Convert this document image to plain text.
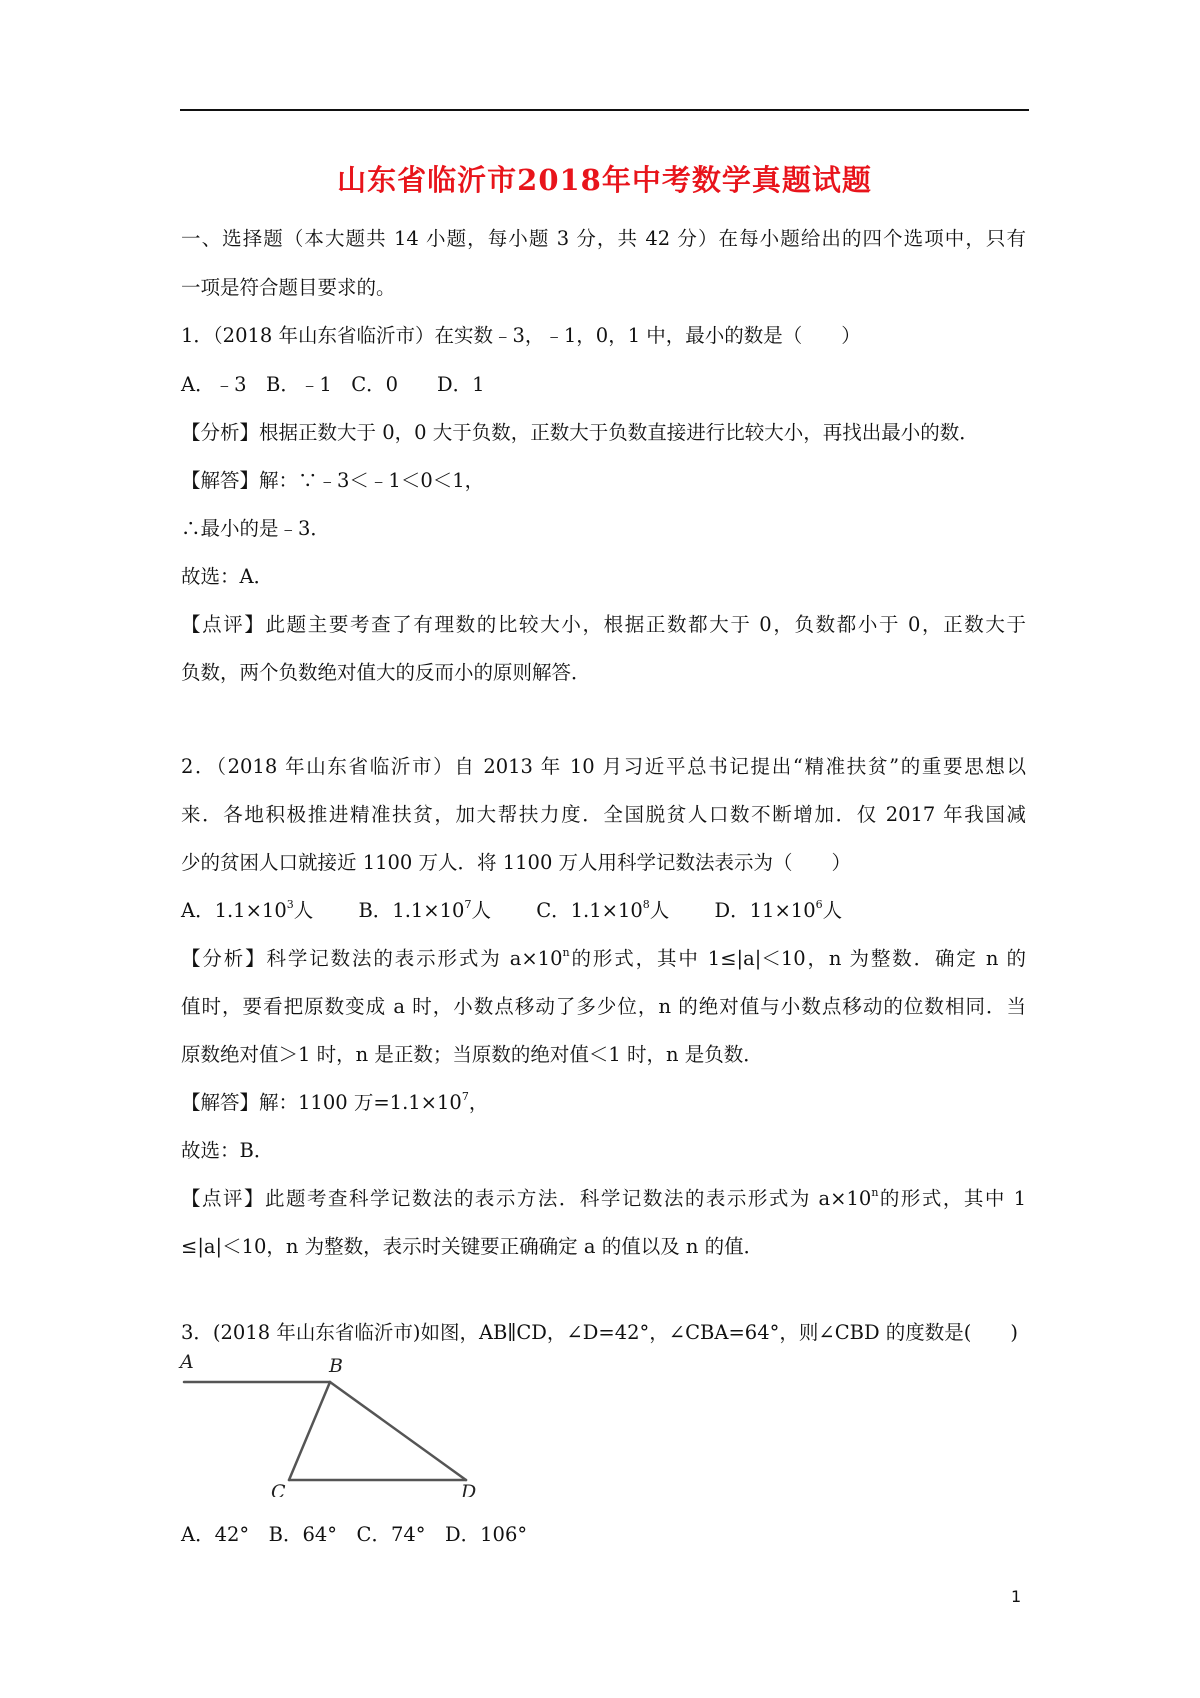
山东省临沂市2018年中考数学真题试题
一、选择题（本大题共 14 小题，每小题 3 分，共 42 分）在每小题给出的四个选项中，只有
一项是符合题目要求的。
1．（2018 年山东省临沂市）在实数﹣3，﹣1，0，1 中，最小的数是（　　）
A．﹣3　B．﹣1　C．0　　D．1
【分析】根据正数大于 0，0 大于负数，正数大于负数直接进行比较大小，再找出最小的数．
【解答】解：∵﹣3＜﹣1＜0＜1，
∴最小的是﹣3．
故选：A．
【点评】此题主要考查了有理数的比较大小，根据正数都大于 0，负数都小于 0，正数大于
负数，两个负数绝对值大的反而小的原则解答．
2．（2018 年山东省临沂市）自 2013 年 10 月习近平总书记提出“精准扶贫”的重要思想以
来．各地积极推进精准扶贫，加大帮扶力度．全国脱贫人口数不断增加．仅 2017 年我国减
少的贫困人口就接近 1100 万人．将 1100 万人用科学记数法表示为（　　）
A．$1.1\times 10^3$人　　 B．$1.1\times 10^7$人　　 C．$1.1\times 10^8$人　　 D．$11\times 10^6$人
【分析】科学记数法的表示形式为 $a\times 10^n$的形式，其中 1≤|a|＜10，n 为整数．确定 n 的
值时，要看把原数变成 a 时，小数点移动了多少位，n 的绝对值与小数点移动的位数相同．当
原数绝对值＞1 时，n 是正数；当原数的绝对值＜1 时，n 是负数．
【解答】解：1100 万$=1.1\times 10^7$，
故选：B．
【点评】此题考查科学记数法的表示方法．科学记数法的表示形式为 $a\times 10^n$的形式，其中 1
≤|a|＜10，n 为整数，表示时关键要正确确定 a 的值以及 n 的值．
3．(2018 年山东省临沂市)如图，AB∥CD，∠D=42°，∠CBA=64°，则∠CBD 的度数是(　　)
A	B
C	D
A．42°　B．64°　C．74°　D．106°
1
